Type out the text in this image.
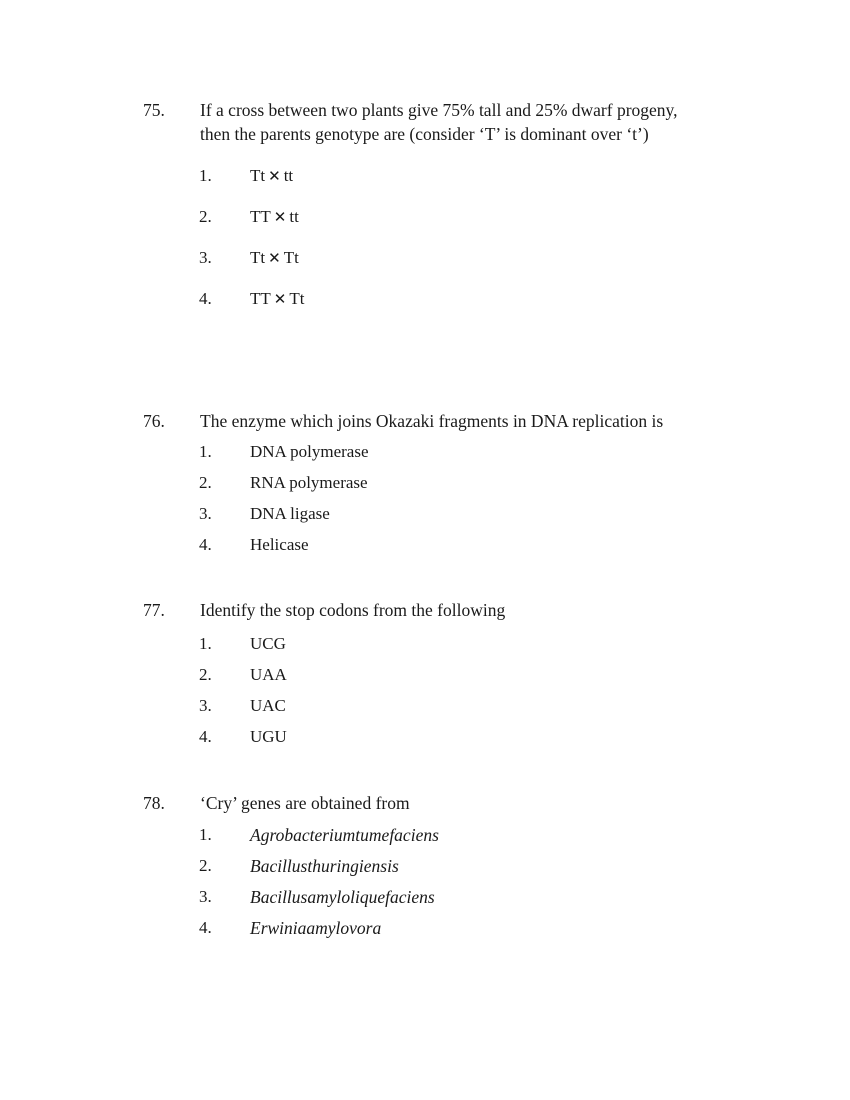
75.	If a cross between two plants give 75% tall and 25% dwarf progeny,
then the parents genotype are (consider ‘T’ is dominant over ‘t’)
1. Tt ✕ tt
2. TT ✕ tt
3. Tt ✕ Tt
4. TT ✕ Tt
76.	The enzyme which joins Okazaki fragments in DNA replication is
1. DNA polymerase
2. RNA polymerase
3. DNA ligase
4. Helicase
77.	Identify the stop codons from the following
1. UCG
2. UAA
3. UAC
4. UGU
78.	‘Cry’ genes are obtained from
1. Agrobacteriumtumefaciens
2. Bacillusthuringiensis
3. Bacillusamyloliquefaciens
4. Erwiniaamylovora
